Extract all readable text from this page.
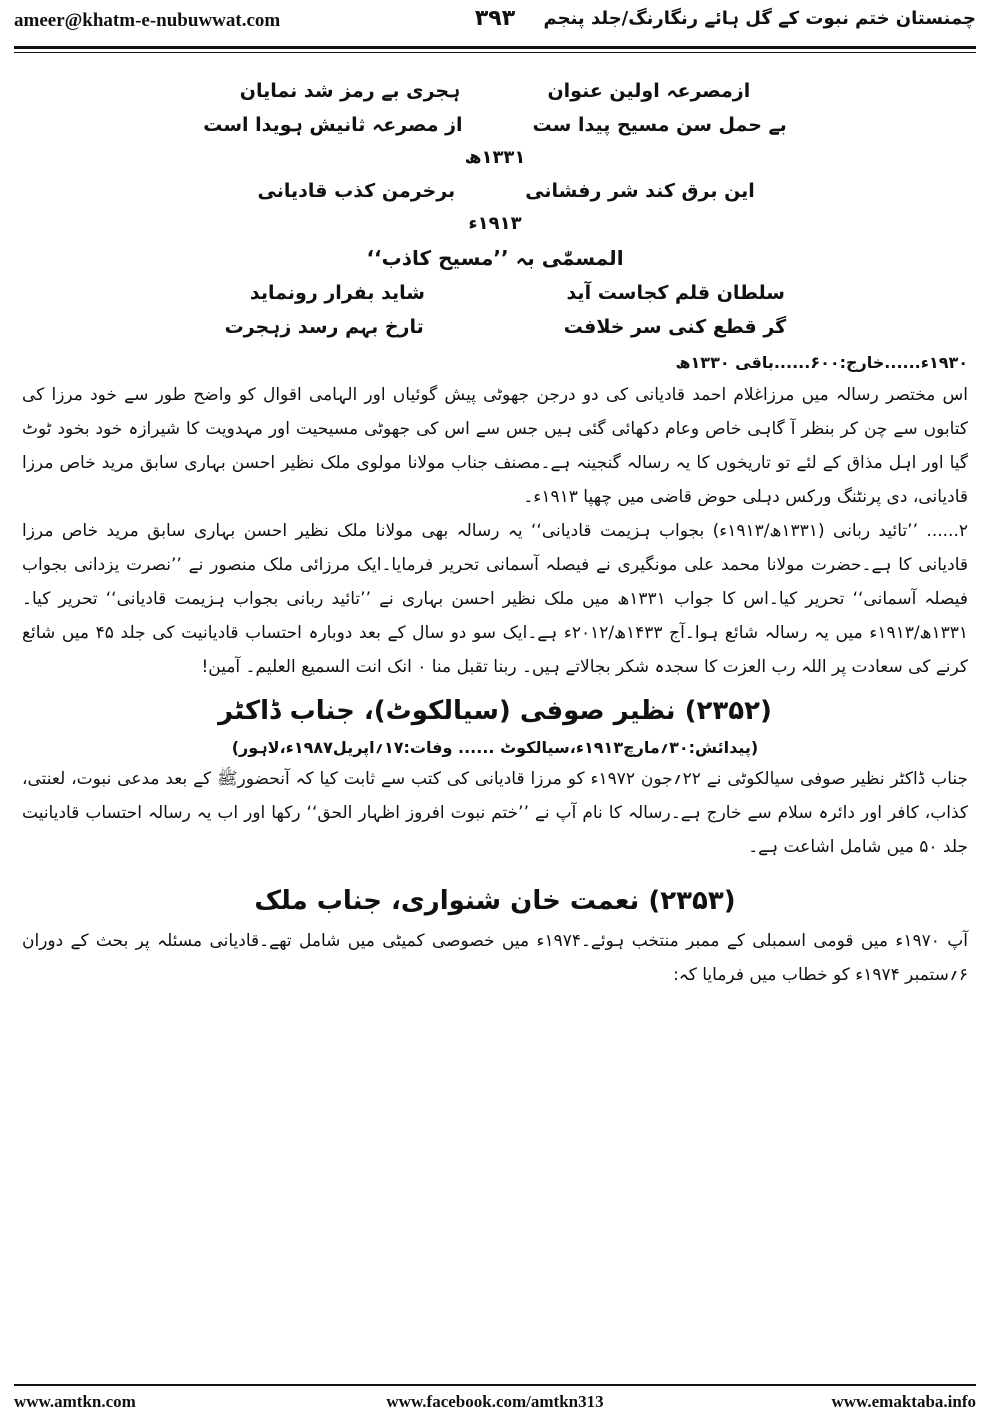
ameer@khatm-e-nubuwwat.com	۳۹۳	چمنستان ختم نبوت کے گل ہائے رنگارنگ/جلد پنجم
ازمصرعہ اولین عنوان
ہجری بے رمز شد نمایان
بے حمل سن مسیح پیدا ست
از مصرعہ ثانیش ہویدا است
۱۳۳۱ھ
این برق کند شر رفشانی
برخرمن کذب قادیانی
۱۹۱۳ء
المسمّٰی بہ ’’مسیح کاذب‘‘
سلطان قلم کجاست آید
شاید بفرار رونماید
گر قطع کنی سر خلافت
تارخ بہم رسد زہجرت
۱۹۳۰ء......خارج:۶۰۰......باقی ۱۳۳۰ھ

اس مختصر رسالہ میں مرزاغلام احمد قادیانی کی دو درجن جھوٹی پیش گوئیاں اور الہامی اقوال کو واضح طور سے خود مرزا کی کتابوں سے چن کر بنظر آ گاہی خاص وعام دکھائی گئی ہیں جس سے اس کی جھوٹی مسیحیت اور مہدویت کا شیرازہ خود بخود ٹوٹ گیا اور اہل مذاق کے لئے تو تاریخوں کا یہ رسالہ گنجینہ ہے۔مصنف جناب مولانا مولوی ملک نظیر احسن بہاری سابق مرید خاص مرزا قادیانی، دی پرنٹنگ ورکس دہلی حوض قاضی میں چھپا ۱۹۱۳ء۔

۲...... ’’تائید ربانی (۱۳۳۱ھ/۱۹۱۳ء) بجواب ہزیمت قادیانی‘‘ یہ رسالہ بھی مولانا ملک نظیر احسن بہاری سابق مرید خاص مرزا قادیانی کا ہے۔حضرت مولانا محمد علی مونگیری نے فیصلہ آسمانی تحریر فرمایا۔ایک مرزائی ملک منصور نے ’’نصرت یزدانی بجواب فیصلہ آسمانی‘‘ تحریر کیا۔اس کا جواب ۱۳۳۱ھ میں ملک نظیر احسن بہاری نے ’’تائید ربانی بجواب ہزیمت قادیانی‘‘ تحریر کیا۔ ۱۳۳۱ھ/۱۹۱۳ء میں یہ رسالہ شائع ہوا۔آج ۱۴۳۳ھ/۲۰۱۲ء ہے۔ایک سو دو سال کے بعد دوبارہ احتساب قادیانیت کی جلد ۴۵ میں شائع کرنے کی سعادت پر اللہ رب العزت کا سجدہ شکر بجالاتے ہیں۔ ربنا تقبل منا ۰ انک انت السمیع العلیم۔ آمین!

(۲۳۵۲) نظیر صوفی (سیالکوٹ)، جناب ڈاکٹر
(پیدائش:۳۰؍مارچ۱۹۱۳ء،سیالکوٹ ...... وفات:۱۷؍اپریل۱۹۸۷ء،لاہور)

جناب ڈاکٹر نظیر صوفی سیالکوٹی نے ۲۲؍جون ۱۹۷۲ء کو مرزا قادیانی کی کتب سے ثابت کیا کہ آنحضورﷺ کے بعد مدعی نبوت، لعنتی، کذاب، کافر اور دائرہ سلام سے خارج ہے۔رسالہ کا نام آپ نے ’’ختم نبوت افروز اظہار الحق‘‘ رکھا اور اب یہ رسالہ احتساب قادیانیت جلد ۵۰ میں شامل اشاعت ہے۔

(۲۳۵۳) نعمت خان شنواری، جناب ملک

آپ ۱۹۷۰ء میں قومی اسمبلی کے ممبر منتخب ہوئے۔۱۹۷۴ء میں خصوصی کمیٹی میں شامل تھے۔قادیانی مسئلہ پر بحث کے دوران ۶؍ستمبر ۱۹۷۴ء کو خطاب میں فرمایا کہ:

www.amtkn.com	www.facebook.com/amtkn313	www.emaktaba.info
